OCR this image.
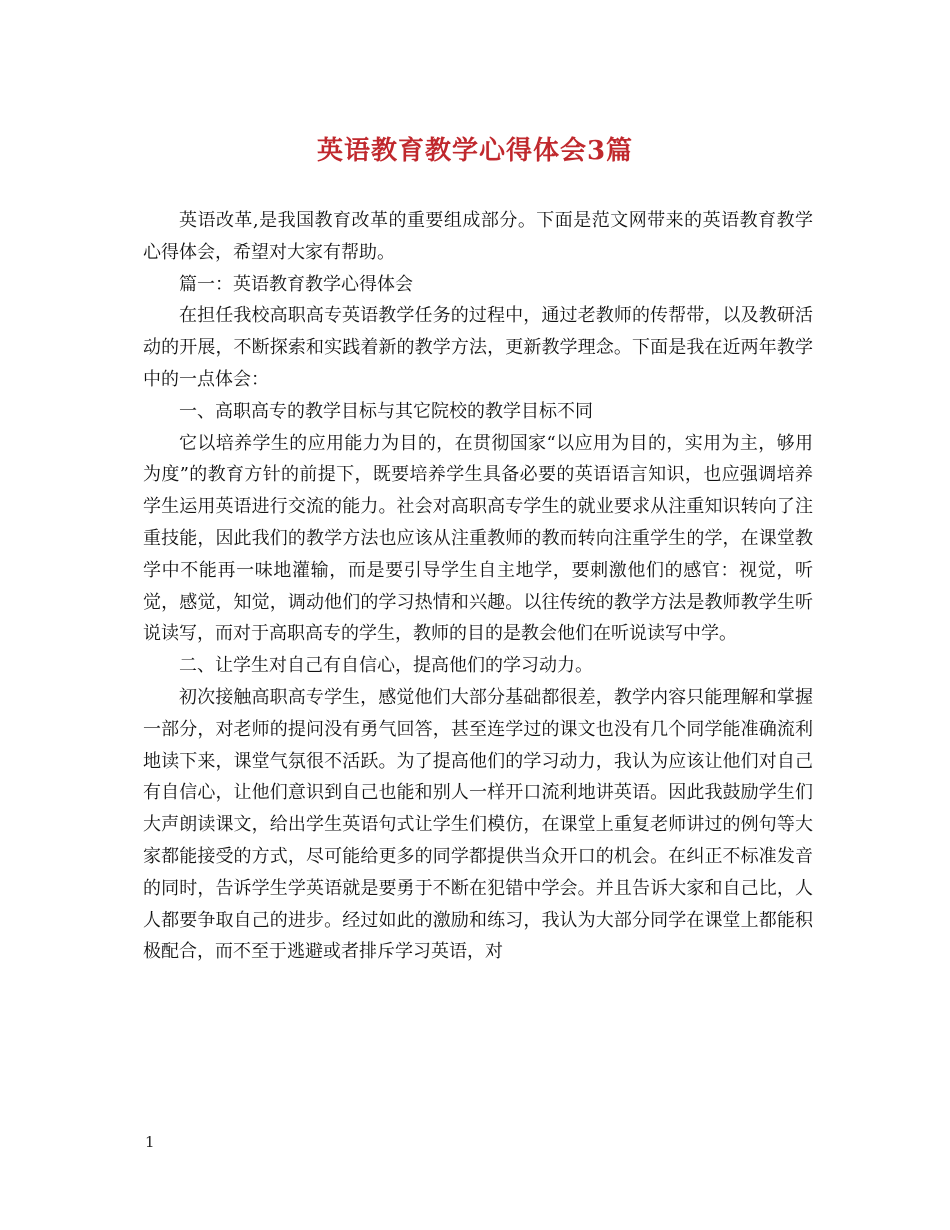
英语教育教学心得体会3篇

英语改革,是我国教育改革的重要组成部分。下面是范文网带来的英语教育教学心得体会，希望对大家有帮助。

篇一：英语教育教学心得体会

在担任我校高职高专英语教学任务的过程中，通过老教师的传帮带，以及教研活动的开展，不断探索和实践着新的教学方法，更新教学理念。下面是我在近两年教学中的一点体会：

一、高职高专的教学目标与其它院校的教学目标不同

它以培养学生的应用能力为目的，在贯彻国家“以应用为目的，实用为主，够用为度”的教育方针的前提下，既要培养学生具备必要的英语语言知识，也应强调培养学生运用英语进行交流的能力。社会对高职高专学生的就业要求从注重知识转向了注重技能，因此我们的教学方法也应该从注重教师的教而转向注重学生的学，在课堂教学中不能再一味地灌输，而是要引导学生自主地学，要刺激他们的感官：视觉，听觉，感觉，知觉，调动他们的学习热情和兴趣。以往传统的教学方法是教师教学生听说读写，而对于高职高专的学生，教师的目的是教会他们在听说读写中学。

二、让学生对自己有自信心，提高他们的学习动力。

初次接触高职高专学生，感觉他们大部分基础都很差，教学内容只能理解和掌握一部分，对老师的提问没有勇气回答，甚至连学过的课文也没有几个同学能准确流利地读下来，课堂气氛很不活跃。为了提高他们的学习动力，我认为应该让他们对自己有自信心，让他们意识到自己也能和别人一样开口流利地讲英语。因此我鼓励学生们大声朗读课文，给出学生英语句式让学生们模仿，在课堂上重复老师讲过的例句等大家都能接受的方式，尽可能给更多的同学都提供当众开口的机会。在纠正不标准发音的同时，告诉学生学英语就是要勇于不断在犯错中学会。并且告诉大家和自己比，人人都要争取自己的进步。经过如此的激励和练习，我认为大部分同学在课堂上都能积极配合，而不至于逃避或者排斥学习英语，对

1
